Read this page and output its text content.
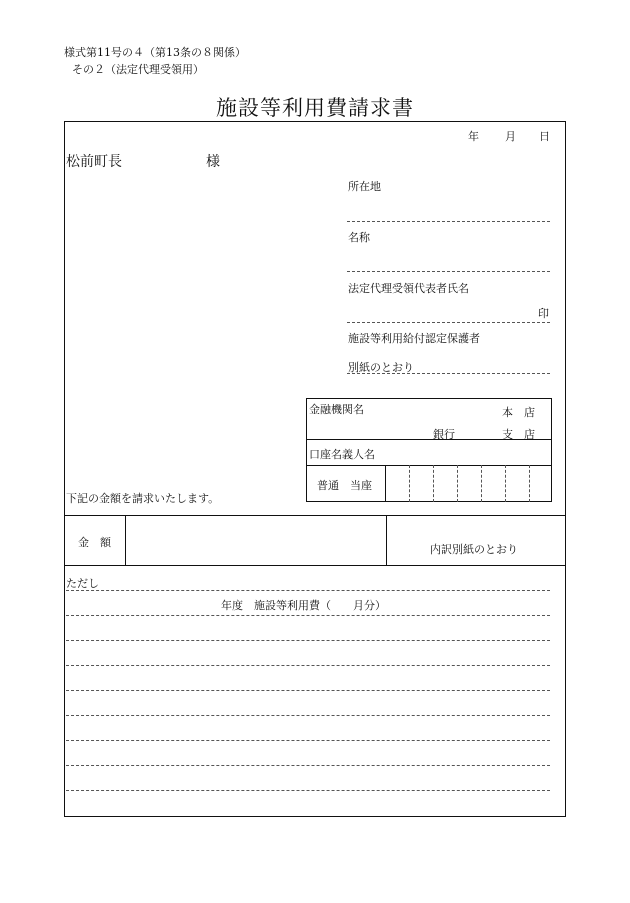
様式第11号の４（第13条の８関係）
その２（法定代理受領用）
施設等利用費請求書
年 月 日
松前町長	様
所在地
名称
法定代理受領代表者氏名
印
施設等利用給付認定保護者
別紙のとおり
金融機関名	本　店
銀行	支　店
口座名義人名
普通　当座
下記の金額を請求いたします。
金　額
内訳別紙のとおり
ただし
年度　施設等利用費（　　月分）
